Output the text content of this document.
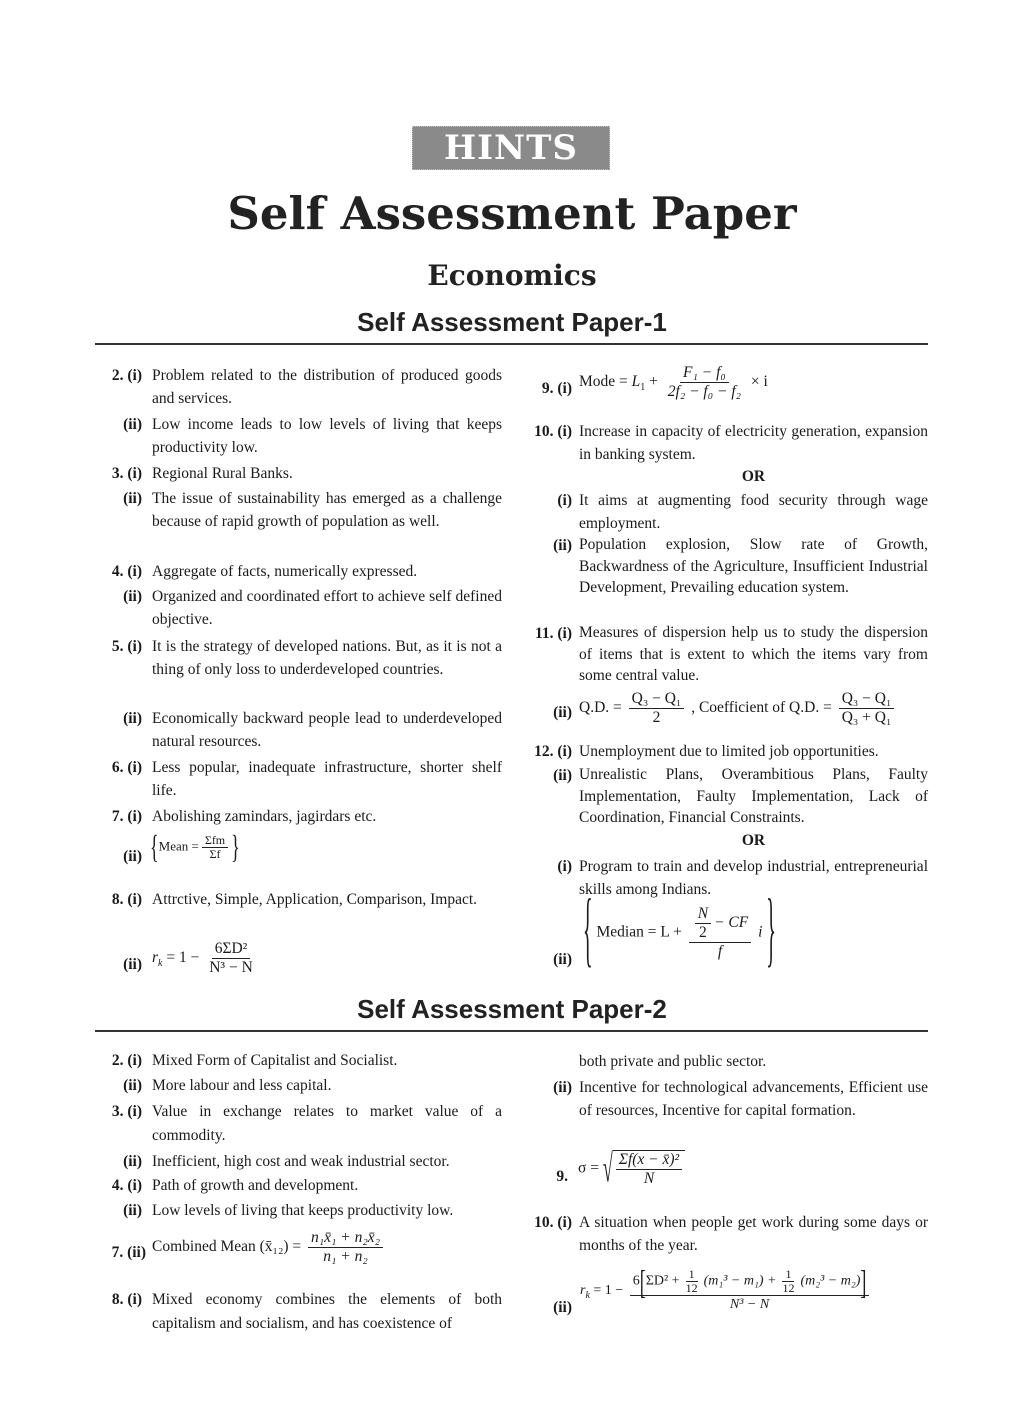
HINTS
Self Assessment Paper
Economics
Self Assessment Paper-1
2. (i) Problem related to the distribution of produced goods and services.
(ii) Low income leads to low levels of living that keeps productivity low.
3. (i) Regional Rural Banks.
(ii) The issue of sustainability has emerged as a challenge because of rapid growth of population as well.
4. (i) Aggregate of facts, numerically expressed.
(ii) Organized and coordinated effort to achieve self defined objective.
5. (i) It is the strategy of developed nations. But, as it is not a thing of only loss to underdeveloped countries.
(ii) Economically backward people lead to underdeveloped natural resources.
6. (i) Less popular, inadequate infrastructure, shorter shelf life.
7. (i) Abolishing zamindars, jagirdars etc.
(ii) {Mean = $\frac{\text{Σfm}}{\Sigma f}$ }
8. (i) Attrctive, Simple, Application, Comparison, Impact.
(ii) $r_k = 1 - \frac{\text{6ΣD²}}{\text{N³ − N}}$
9. (i) Mode = $L_1 + \frac{\text{F₁ − f₀}}{\text{2f₂ − f₀ − f₂}} \times i$
10. (i) Increase in capacity of electricity generation, expansion in banking system.
OR
(i) It aims at augmenting food security through wage employment.
(ii) Population explosion, Slow rate of Growth, Backwardness of the Agriculture, Insufficient Industrial Development, Prevailing education system.
11. (i) Measures of dispersion help us to study the dispersion of items that is extent to which the items vary from some central value.
(ii) Q.D. = $\frac{\text{Q₃ − Q₁}}{2}$ , Coefficient of Q.D. = $\frac{\text{Q₃ − Q₁}}{\text{Q₃ + Q₁}}$
12. (i) Unemployment due to limited job opportunities.
(ii) Unrealistic Plans, Overambitious Plans, Faulty Implementation, Faulty Implementation, Lack of Coordination, Financial Constraints.
OR
(i) Program to train and develop industrial, entrepreneurial skills among Indians.
(ii) { Median = $L + \frac{\frac{N}{2} - CF}{f}$ i }
Self Assessment Paper-2
2. (i) Mixed Form of Capitalist and Socialist.
(ii) More labour and less capital.
3. (i) Value in exchange relates to market value of a commodity.
(ii) Inefficient, high cost and weak industrial sector.
4. (i) Path of growth and development.
(ii) Low levels of living that keeps productivity low.
7. (ii) Combined Mean (x̄₁₂) = $\frac{\text{n₁x̄₁ + n₂x̄₂}}{\text{n₁ + n₂}}$
8. (i) Mixed economy combines the elements of both capitalism and socialism, and has coexistence of
both private and public sector.
(ii) Incentive for technological advancements, Efficient use of resources, Incentive for capital formation.
9. σ = √ $\frac{\text{Σf(x − x̄)²}}{N}$
10. (i) A situation when people get work during some days or months of the year.
(ii)
$r_k = 1 - \frac{6[\Sigma D^2 + \frac{1}{12} (m_1^3 - m_1) + \frac{1}{12} (m_2^3 - m_2)]}{\text{N³ − N}}$
